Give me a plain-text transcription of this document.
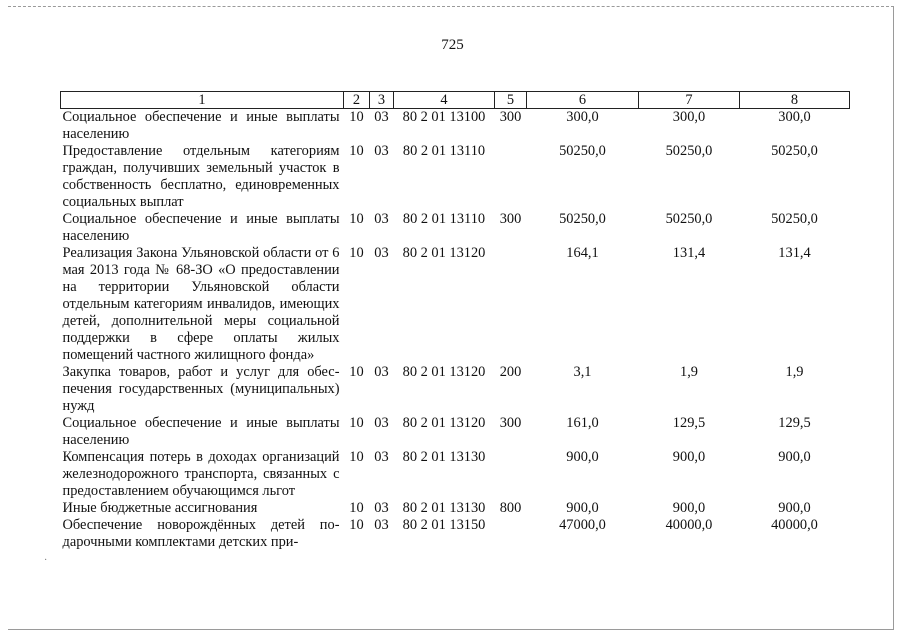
725
·
1	2	3	4	5	6	7	8
Социальное обеспечение и иные выплаты населению	10	03	80 2 01 13100	300	300,0	300,0	300,0
Предоставление отдельным категориям граждан, получивших земельный участок в собственность бесплатно, единовременных социальных выплат	10	03	80 2 01 13110		50250,0	50250,0	50250,0
Социальное обеспечение и иные выплаты населению	10	03	80 2 01 13110	300	50250,0	50250,0	50250,0
Реализация Закона Ульяновской области от 6 мая 2013 года № 68-ЗО «О предоставлении на территории Ульяновской области отдельным категориям инвалидов, имеющих детей, дополнительной меры социальной поддержки в сфере оплаты жилых помещений частного жилищного фонда»	10	03	80 2 01 13120		164,1	131,4	131,4
Закупка товаров, работ и услуг для обеспечения государственных (муниципальных) нужд	10	03	80 2 01 13120	200	3,1	1,9	1,9
Социальное обеспечение и иные выплаты населению	10	03	80 2 01 13120	300	161,0	129,5	129,5
Компенсация потерь в доходах организаций железнодорожного транспорта, связанных с предоставлением обучающимся льгот	10	03	80 2 01 13130		900,0	900,0	900,0
Иные бюджетные ассигнования	10	03	80 2 01 13130	800	900,0	900,0	900,0
Обеспечение новорождённых детей подарочными комплектами детских при-	10	03	80 2 01 13150		47000,0	40000,0	40000,0
